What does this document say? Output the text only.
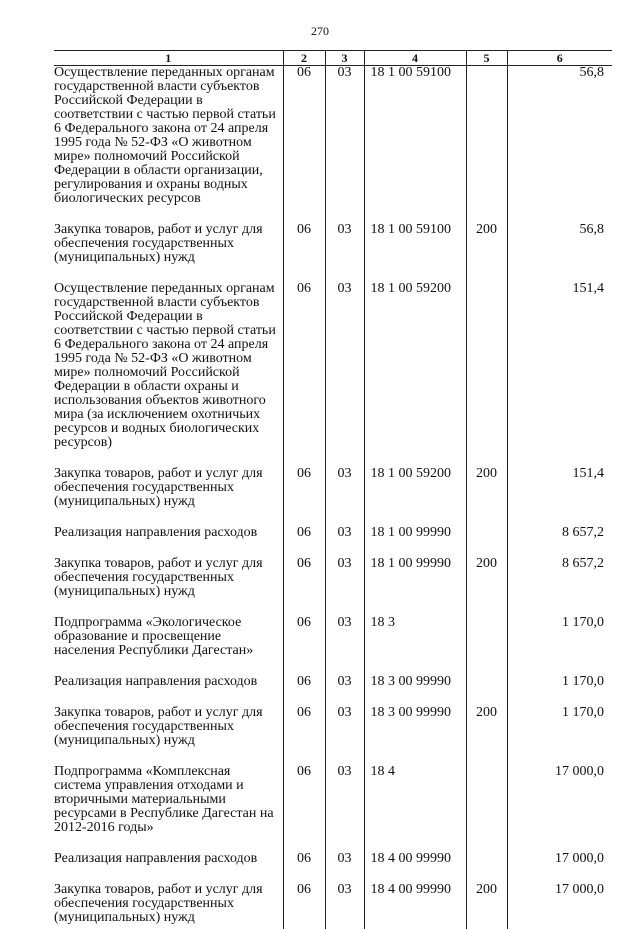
270
1	2	3	4	5	6
Осуществление переданных органам государственной власти субъектов Российской Федерации в соответствии с частью первой статьи 6 Федерального закона от 24 апреля 1995 года № 52-ФЗ «О животном мире» полномочий Российской Федерации в области организации, регулирования и охраны водных биологических ресурсов	06	03	18 1 00 59100		56,8
Закупка товаров, работ и услуг для обеспечения государственных (муниципальных) нужд	06	03	18 1 00 59100	200	56,8
Осуществление переданных органам государственной власти субъектов Российской Федерации в соответствии с частью первой статьи 6 Федерального закона от 24 апреля 1995 года № 52-ФЗ «О животном мире» полномочий Российской Федерации в области охраны и использования объектов животного мира (за исключением охотничьих ресурсов и водных биологических ресурсов)	06	03	18 1 00 59200		151,4
Закупка товаров, работ и услуг для обеспечения государственных (муниципальных) нужд	06	03	18 1 00 59200	200	151,4
Реализация направления расходов	06	03	18 1 00 99990		8 657,2
Закупка товаров, работ и услуг для обеспечения государственных (муниципальных) нужд	06	03	18 1 00 99990	200	8 657,2
Подпрограмма «Экологическое образование и просвещение населения Республики Дагестан»	06	03	18 3		1 170,0
Реализация направления расходов	06	03	18 3 00 99990		1 170,0
Закупка товаров, работ и услуг для обеспечения государственных (муниципальных) нужд	06	03	18 3 00 99990	200	1 170,0
Подпрограмма «Комплексная система управления отходами и вторичными материальными ресурсами в Республике Дагестан на 2012-2016 годы»	06	03	18 4		17 000,0
Реализация направления расходов	06	03	18 4 00 99990		17 000,0
Закупка товаров, работ и услуг для обеспечения государственных (муниципальных) нужд	06	03	18 4 00 99990	200	17 000,0
